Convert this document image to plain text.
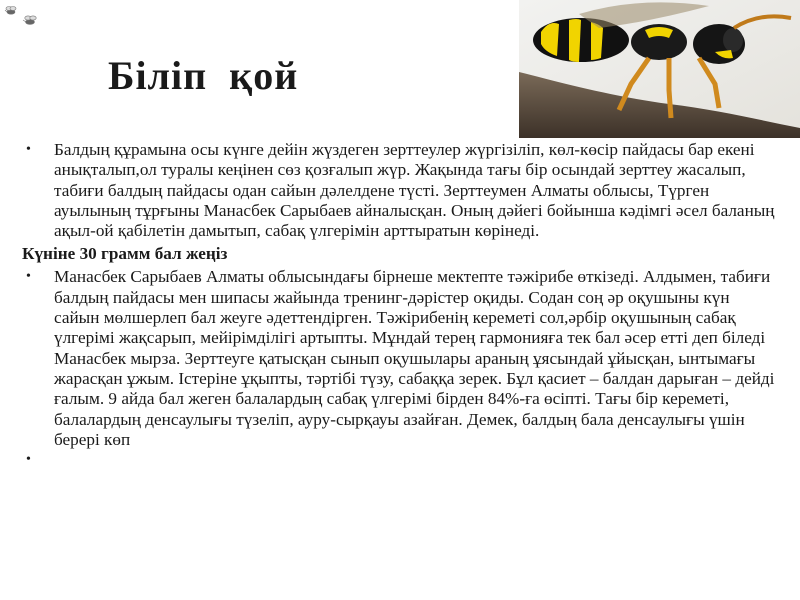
Біліп  қой
•	Балдың құрамына осы күнге дейін жүздеген зерттеулер жүргізіліп, көл-көсір пайдасы бар екені анықталып,ол туралы кеңінен сөз қозғалып жүр. Жақында тағы бір осындай зерттеу жасалып, табиғи балдың пайдасы одан сайын дәлелдене түсті. Зерттеумен Алматы облысы, Түрген ауылының тұрғыны Манасбек Сарыбаев айналысқан. Оның дәйегі бойынша кәдімгі әсел баланың ақыл-ой қабілетін дамытып, сабақ үлгерімін арттыратын көрінеді.
Күніне 30 грамм бал жеңіз
•	Манасбек Сарыбаев Алматы облысындағы бірнеше мектепте тәжірибе өткізеді. Алдымен, табиғи балдың пайдасы мен шипасы жайында тренинг-дәрістер оқиды. Содан соң әр оқушыны күн сайын мөлшерлеп бал жеуге әдеттендірген. Тәжірибенің кереметі сол,әрбір оқушының сабақ үлгерімі жақсарып, мейірімділігі артыпты. Мұндай терең гармонияға тек бал әсер етті деп біледі Манасбек мырза. Зерттеуге қатысқан сынып оқушылары араның ұясындай ұйысқан, ынтымағы жарасқан ұжым. Істеріне ұқыпты, тәртібі түзу, сабаққа зерек. Бұл қасиет – балдан дарыған – дейді ғалым. 9 айда бал жеген балалардың сабақ үлгерімі бірден 84%-ға өсіпті. Тағы бір кереметі, балалардың денсаулығы түзеліп, ауру-сырқауы азайған. Демек, балдың бала денсаулығы үшін берері көп
•
